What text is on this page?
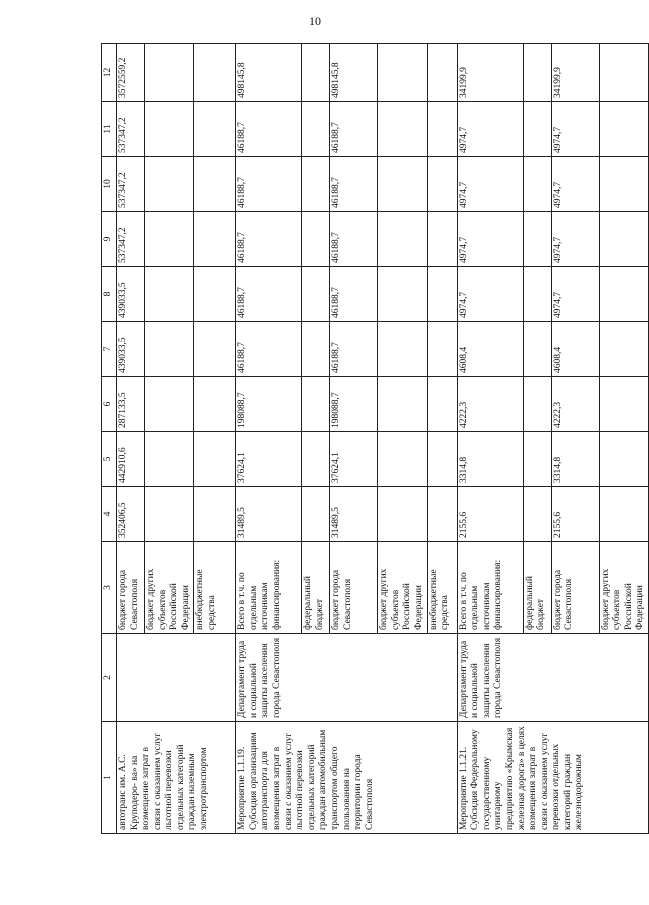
10
1	2	3	4	5	6	7	8	9	10	11	12
автотранс им. А.С. Круподеро- ва» на возмещение затрат в связи с оказанием услуг льготной перевозки отдельных категорий граждан наземным электротранспортом		бюджет города Севастополя	352406,5	442910,6	287133,5	439033,5	439033,5	537347,2	537347,2	537347,2	3572559,2
		бюджет других субъектов Российской Федерации									
		внебюджетные средства									
Мероприятие 1.1.19. Субсидия организациям автотранспорта для возмещения затрат в связи с оказанием услуг льготной перевозки отдельных категорий граждан автомобильным транспортом общего пользования на территории города Севастополя	Департамент труда и социальной защиты населения города Севастополя	Всего в т.ч. по отдельным источникам финансирования:	31489,5	37624,1	198088,7	46188,7	46188,7	46188,7	46188,7	46188,7	498145,8
		федеральный бюджет									
		бюджет города Севастополя	31489,5	37624,1	198088,7	46188,7	46188,7	46188,7	46188,7	46188,7	498145,8
		бюджет других субъектов Российской Федерации									
		внебюджетные средства									
Мероприятие 1.1.21. Субсидия Федеральному государственному унитарному предприятию «Крымская железная дорога» в целях возмещения затрат в связи с оказанием услуг перевозки отдельных категорий граждан железнодорожным	Департамент труда и социальной защиты населения города Севастополя	Всего в т.ч. по отдельным источникам финансирования:	2155,6	3314,8	4222,3	4608,4	4974,7	4974,7	4974,7	4974,7	34199,9
		федеральный бюджет									
		бюджет города Севастополя	2155,6	3314,8	4222,3	4608,4	4974,7	4974,7	4974,7	4974,7	34199,9
		бюджет других субъектов Российской Федерации									
